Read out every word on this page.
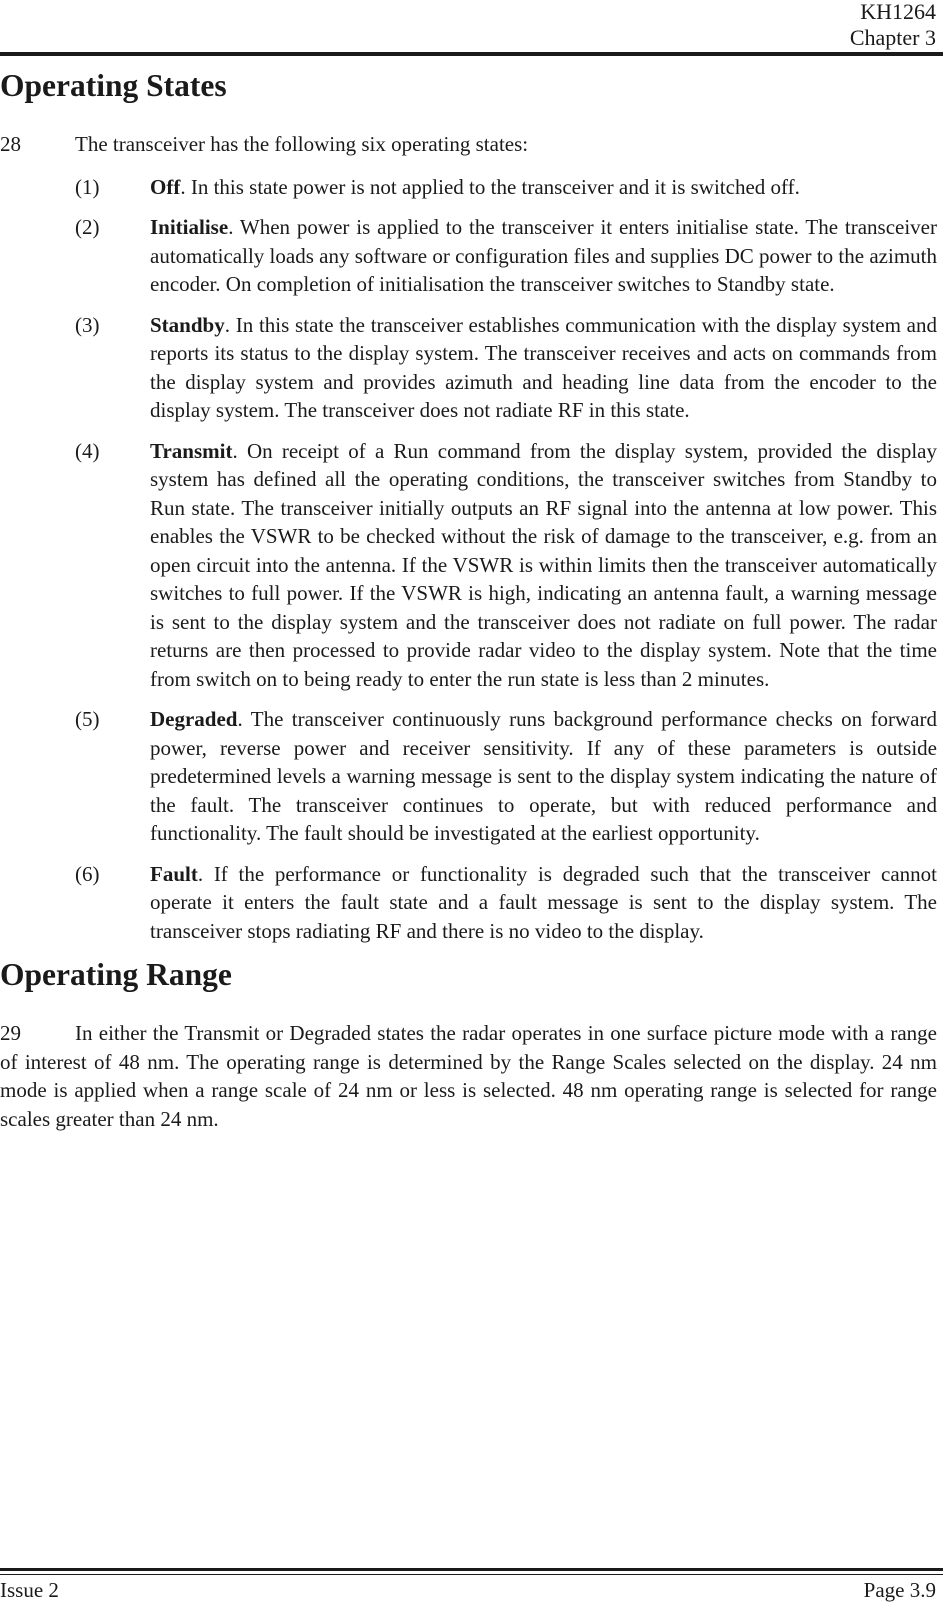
KH1264
Chapter 3
Operating States
28	The transceiver has the following six operating states:
(1) Off. In this state power is not applied to the transceiver and it is switched off.
(2) Initialise. When power is applied to the transceiver it enters initialise state. The transceiver automatically loads any software or configuration files and supplies DC power to the azimuth encoder. On completion of initialisation the transceiver switches to Standby state.
(3) Standby. In this state the transceiver establishes communication with the display system and reports its status to the display system. The transceiver receives and acts on commands from the display system and provides azimuth and heading line data from the encoder to the display system. The transceiver does not radiate RF in this state.
(4) Transmit. On receipt of a Run command from the display system, provided the display system has defined all the operating conditions, the transceiver switches from Standby to Run state. The transceiver initially outputs an RF signal into the antenna at low power. This enables the VSWR to be checked without the risk of damage to the transceiver, e.g. from an open circuit into the antenna. If the VSWR is within limits then the transceiver automatically switches to full power. If the VSWR is high, indicating an antenna fault, a warning message is sent to the display system and the transceiver does not radiate on full power. The radar returns are then processed to provide radar video to the display system. Note that the time from switch on to being ready to enter the run state is less than 2 minutes.
(5) Degraded. The transceiver continuously runs background performance checks on forward power, reverse power and receiver sensitivity. If any of these parameters is outside predetermined levels a warning message is sent to the display system indicating the nature of the fault. The transceiver continues to operate, but with reduced performance and functionality. The fault should be investigated at the earliest opportunity.
(6) Fault. If the performance or functionality is degraded such that the transceiver cannot operate it enters the fault state and a fault message is sent to the display system. The transceiver stops radiating RF and there is no video to the display.
Operating Range
29	In either the Transmit or Degraded states the radar operates in one surface picture mode with a range of interest of 48 nm. The operating range is determined by the Range Scales selected on the display. 24 nm mode is applied when a range scale of 24 nm or less is selected. 48 nm operating range is selected for range scales greater than 24 nm.
Issue 2	Page 3.9
